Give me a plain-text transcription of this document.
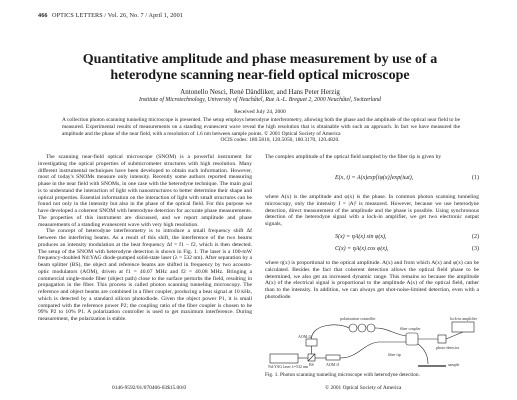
466 OPTICS LETTERS / Vol. 26, No. 7 / April 1, 2001
Quantitative amplitude and phase measurement by use of a
heterodyne scanning near-field optical microscope
Antonello Nesci, René Dändliker, and Hans Peter Herzig
Institute of Microtechnology, University of Neuchâtel, Rue A.-L. Breguet 2, 2000 Neuchâtel, Switzerland
Received July 24, 2000
A collection photon scanning tunneling microscope is presented. The setup employs heterodyne interferometry, allowing both the phase and the amplitude of the optical near field to be measured. Experimental results of measurements on a standing evanescent wave reveal the high resolution that is obtainable with such an approach. In fact we have measured the amplitude and the phase of the near field, with a resolution of 1.6 nm between sample points. © 2001 Optical Society of America
OCIS codes: 180.5810, 120.5050, 180.3170, 120.4820.

The scanning near-field optical microscope (SNOM) is a powerful instrument for investigating the optical properties of submicrometer structures with high resolution. Many different instrumental techniques have been developed to obtain such information. However, most of today's SNOMs measure only intensity. Recently some authors reported measuring phase in the near field with SNOMs, in one case with the heterodyne technique. The main goal is to understand the interaction of light with nanostructures to better determine their shape and optical properties. Essential information on the interaction of light with small structures can be found not only in the intensity but also in the phase of the optical field. For this purpose we have developed a coherent SNOM with heterodyne detection for accurate phase measurements. The properties of this instrument are discussed, and we report amplitude and phase measurements of a standing evanescent wave with very high resolution.

The concept of heterodyne interferometry is to introduce a small frequency shift Δf between the interfering beams. As a result of this shift, the interference of the two beams produces an intensity modulation at the beat frequency Δf = f1 − f2, which is then detected. The setup of the SNOM with heterodyne detection is shown in Fig. 1. The laser is a 100-mW frequency-doubled Nd:YAG diode-pumped solid-state laser (λ = 532 nm). After separation by a beam splitter (BS), the object and reference beams are shifted in frequency by two acousto-optic modulators (AOM), driven at f1 = 40.07 MHz and f2 = 40.08 MHz. Bringing a commercial single-mode fiber (object path) close to the surface perturbs the field, resulting in propagation in the fiber. This process is called photon scanning tunneling microscopy. The reference and object beams are combined in a fiber coupler, producing a beat signal at 10 kHz, which is detected by a standard silicon photodiode. Given the object power P1, it is small compared with the reference power P2; the coupling ratio of the fiber coupler is chosen to be 99% P2 to 10% P1. A polarization controller is used to get maximum interference. During measurement, the polarization is stable.

The complex amplitude of the optical field sampled by the fiber tip is given by
E(x, t) = A(x)exp[iφ(x)]exp(iωt),	(1)
where A(x) is the amplitude and φ(x) is the phase. In common photon scanning tunneling microscopy, only the intensity I = |A|² is measured. However, because we use heterodyne detection, direct measurement of the amplitude and the phase is possible. Using synchronous detection of the heterodyne signal with a lock-in amplifier, we get two electronic output signals,
S(x) = ηA(x) sin φ(x),	(2)
C(x) = ηA(x) cos φ(x),	(3)
where η(x) is proportional to the optical amplitude. A(x) and from which A(x) and φ(x) can be calculated. Besides the fact that coherent detection allows the optical field phase to be determined, we also get an increased dynamic range. This remains so because the amplitude A(x) of the electrical signal is proportional to the amplitude A(x) of the optical field, rather than to the intensity. In addition, we can always get shot-noise-limited detection, even with a photodiode.
polarization controller
fiber tip
fiber coupler
lock-in amplifier
AOM f1
AOM f2
BS
Nd:YAG laser λ=532 nm
photo-detector
sample
Fig. 1. Photon scanning tunneling microscope with heterodyne detection.
0146-9592/01/070466-03$15.00/0	© 2001 Optical Society of America
